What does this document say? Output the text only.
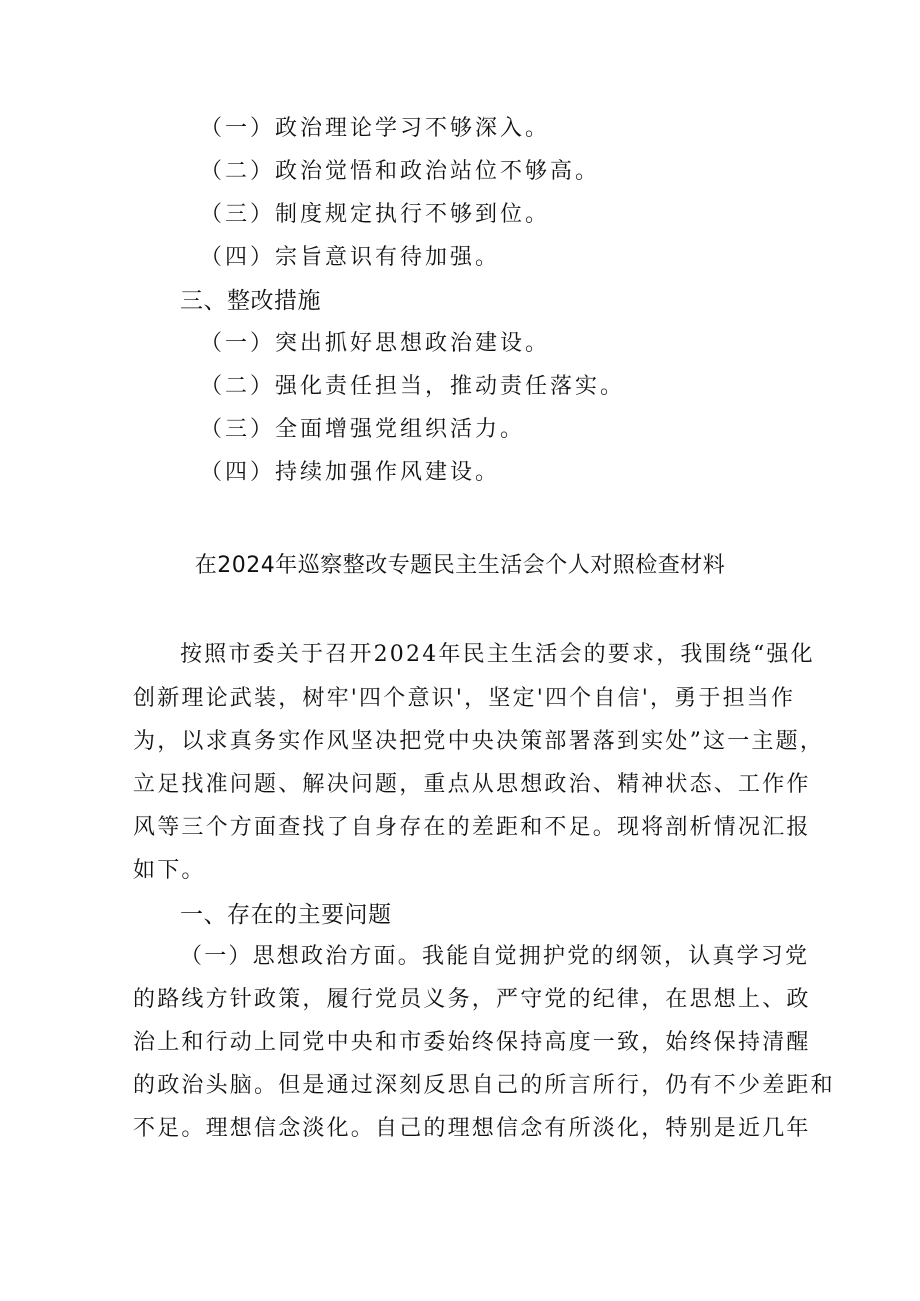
（一）政治理论学习不够深入。
（二）政治觉悟和政治站位不够高。
（三）制度规定执行不够到位。
（四）宗旨意识有待加强。
三、整改措施
（一）突出抓好思想政治建设。
（二）强化责任担当，推动责任落实。
（三）全面增强党组织活力。
（四）持续加强作风建设。
在2024年巡察整改专题民主生活会个人对照检查材料
按照市委关于召开2024年民主生活会的要求，我围绕“强化
创新理论武装，树牢'四个意识'，坚定'四个自信'，勇于担当作
为，以求真务实作风坚决把党中央决策部署落到实处”这一主题，
立足找准问题、解决问题，重点从思想政治、精神状态、工作作
风等三个方面查找了自身存在的差距和不足。现将剖析情况汇报
如下。
一、存在的主要问题
（一）思想政治方面。我能自觉拥护党的纲领，认真学习党
的路线方针政策，履行党员义务，严守党的纪律，在思想上、政
治上和行动上同党中央和市委始终保持高度一致，始终保持清醒
的政治头脑。但是通过深刻反思自己的所言所行，仍有不少差距和
不足。理想信念淡化。自己的理想信念有所淡化，特别是近几年
